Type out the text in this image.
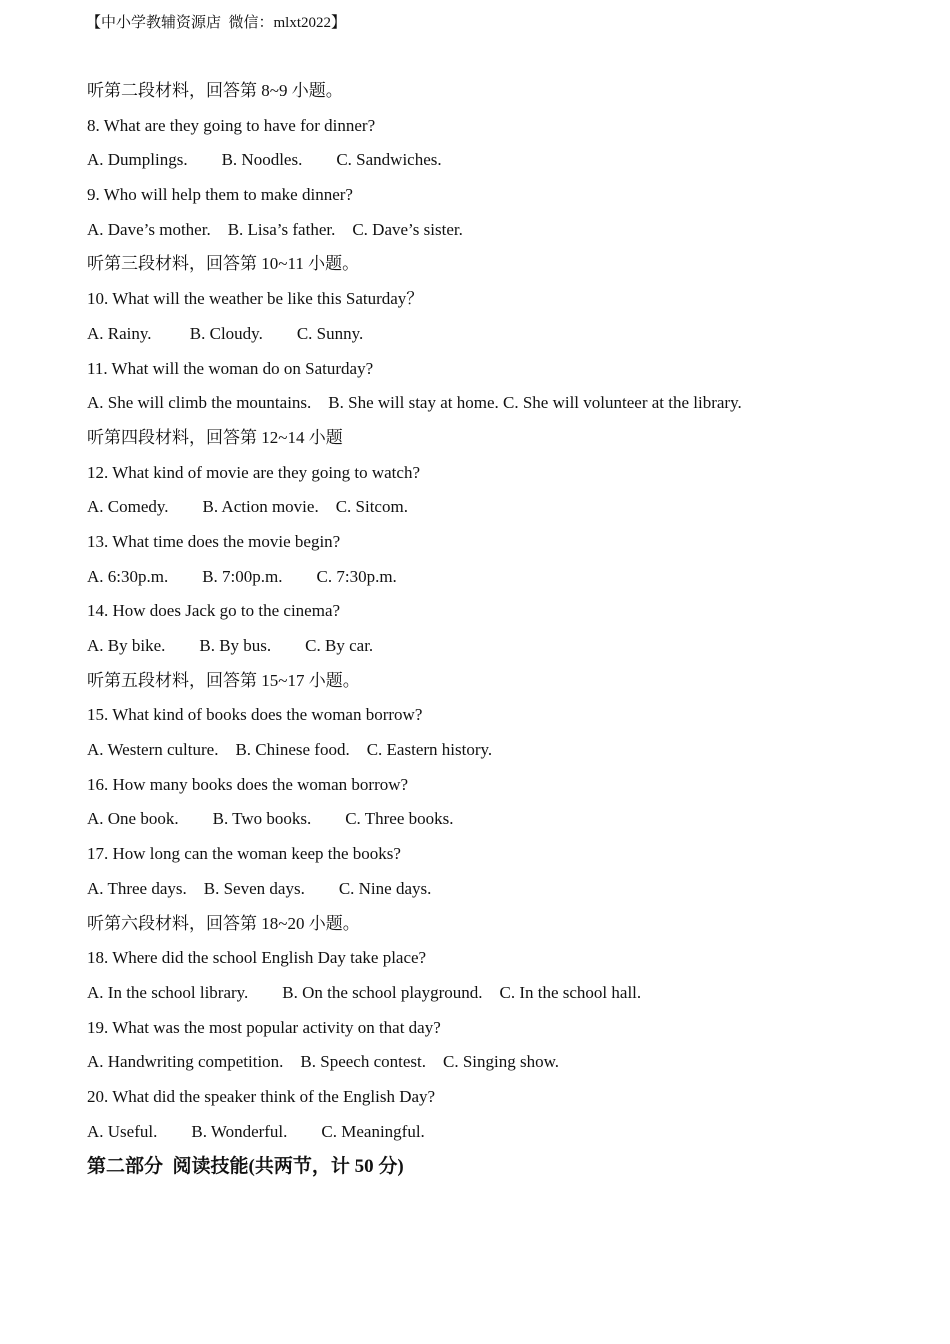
【中小学教辅资源店  微信：mlxt2022】
听第二段材料，回答第 8~9 小题。
8. What are they going to have for dinner?
A. Dumplings.        B. Noodles.        C. Sandwiches.
9. Who will help them to make dinner?
A. Dave’s mother.    B. Lisa’s father.    C. Dave’s sister.
听第三段材料，回答第 10~11 小题。
10. What will the weather be like this Saturday？
A. Rainy.         B. Cloudy.        C. Sunny.
11. What will the woman do on Saturday?
A. She will climb the mountains.    B. She will stay at home. C. She will volunteer at the library.
听第四段材料，回答第 12~14 小题
12. What kind of movie are they going to watch?
A. Comedy.        B. Action movie.    C. Sitcom.
13. What time does the movie begin?
A. 6:30p.m.        B. 7:00p.m.        C. 7:30p.m.
14. How does Jack go to the cinema?
A. By bike.        B. By bus.        C. By car.
听第五段材料，回答第 15~17 小题。
15. What kind of books does the woman borrow?
A. Western culture.    B. Chinese food.    C. Eastern history.
16. How many books does the woman borrow?
A. One book.        B. Two books.        C. Three books.
17. How long can the woman keep the books?
A. Three days.    B. Seven days.        C. Nine days.
听第六段材料，回答第 18~20 小题。
18. Where did the school English Day take place?
A. In the school library.        B. On the school playground.    C. In the school hall.
19. What was the most popular activity on that day?
A. Handwriting competition.    B. Speech contest.    C. Singing show.
20. What did the speaker think of the English Day?
A. Useful.        B. Wonderful.        C. Meaningful.
第二部分  阅读技能(共两节，计 50 分)
